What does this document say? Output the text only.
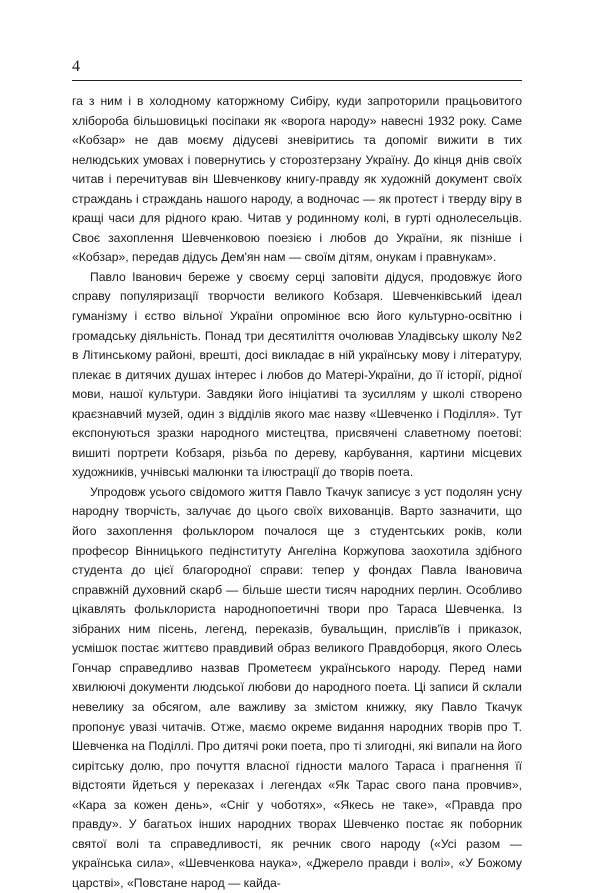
4

га з ним і в холодному каторжному Сибіру, куди запроторили працьовитого хлібороба більшовицькі посіпаки як «ворога народу» навесні 1932 року. Саме «Кобзар» не дав моєму дідусеві зневіритись та допоміг вижити в тих нелюдських умовах і повернутись у сторозтерзану Україну. До кінця днів своїх читав і перечитував він Шевченкову книгу-правду як художній документ своїх страждань і страждань нашого народу, а водночас — як протест і тверду віру в кращі часи для рідного краю. Читав у родинному колі, в гурті однолесельців. Своє захоплення Шевченковою поезією і любов до України, як пізніше і «Кобзар», передав дідусь Дем'ян нам — своїм дітям, онукам і правнукам».

Павло Іванович береже у своєму серці заповіти дідуся, продовжує його справу популяризації творчости великого Кобзаря. Шевченківський ідеал гуманізму і єство вільної України опромінює всю його культурно-освітню і громадську діяльність. Понад три десятиліття очолював Уладівську школу №2 в Літинському районі, врешті, досі викладає в ній українську мову і літературу, плекає в дитячих душах інтерес і любов до Матері-України, до її історії, рідної мови, нашої культури. Завдяки його ініціативі та зусиллям у школі створено краєзнавчий музей, один з відділів якого має назву «Шевченко і Поділля». Тут експонуються зразки народного мистецтва, присвячені славетному поетові: вишиті портрети Кобзаря, різьба по дереву, карбування, картини місцевих художників, учнівські малюнки та ілюстрації до творів поета.

Упродовж усього свідомого життя Павло Ткачук записує з уст подолян усну народну творчість, залучає до цього своїх вихованців. Варто зазначити, що його захоплення фольклором почалося ще з студентських років, коли професор Вінницького педінституту Ангеліна Коржупова заохотила здібного студента до цієї благородної справи: тепер у фондах Павла Івановича справжній духовний скарб — більше шести тисяч народних перлин. Особливо цікавлять фольклориста народнопоетичні твори про Тараса Шевченка. Із зібраних ним пісень, легенд, переказів, бувальщин, прислів'їв і приказок, усмішок постає життєво правдивий образ великого Правдоборця, якого Олесь Гончар справедливо назвав Прометеєм українського народу. Перед нами хвилюючі документи людської любови до народного поета. Ці записи й склали невелику за обсягом, але важливу за змістом книжку, яку Павло Ткачук пропонує увазі читачів. Отже, маємо окреме видання народних творів про Т. Шевченка на Поділлі. Про дитячі роки поета, про ті злигодні, які випали на його сирітську долю, про почуття власної гідности малого Тараса і прагнення її відстояти йдеться у переказах і легендах «Як Тарас свого пана провчив», «Кара за кожен день», «Сніг у чоботях», «Якесь не таке», «Правда про правду». У багатьох інших народних творах Шевченко постає як поборник святої волі та справедливості, як речник свого народу («Усі разом — українська сила», «Шевченкова наука», «Джерело правди і волі», «У Божому царстві», «Повстане народ — кайда-
